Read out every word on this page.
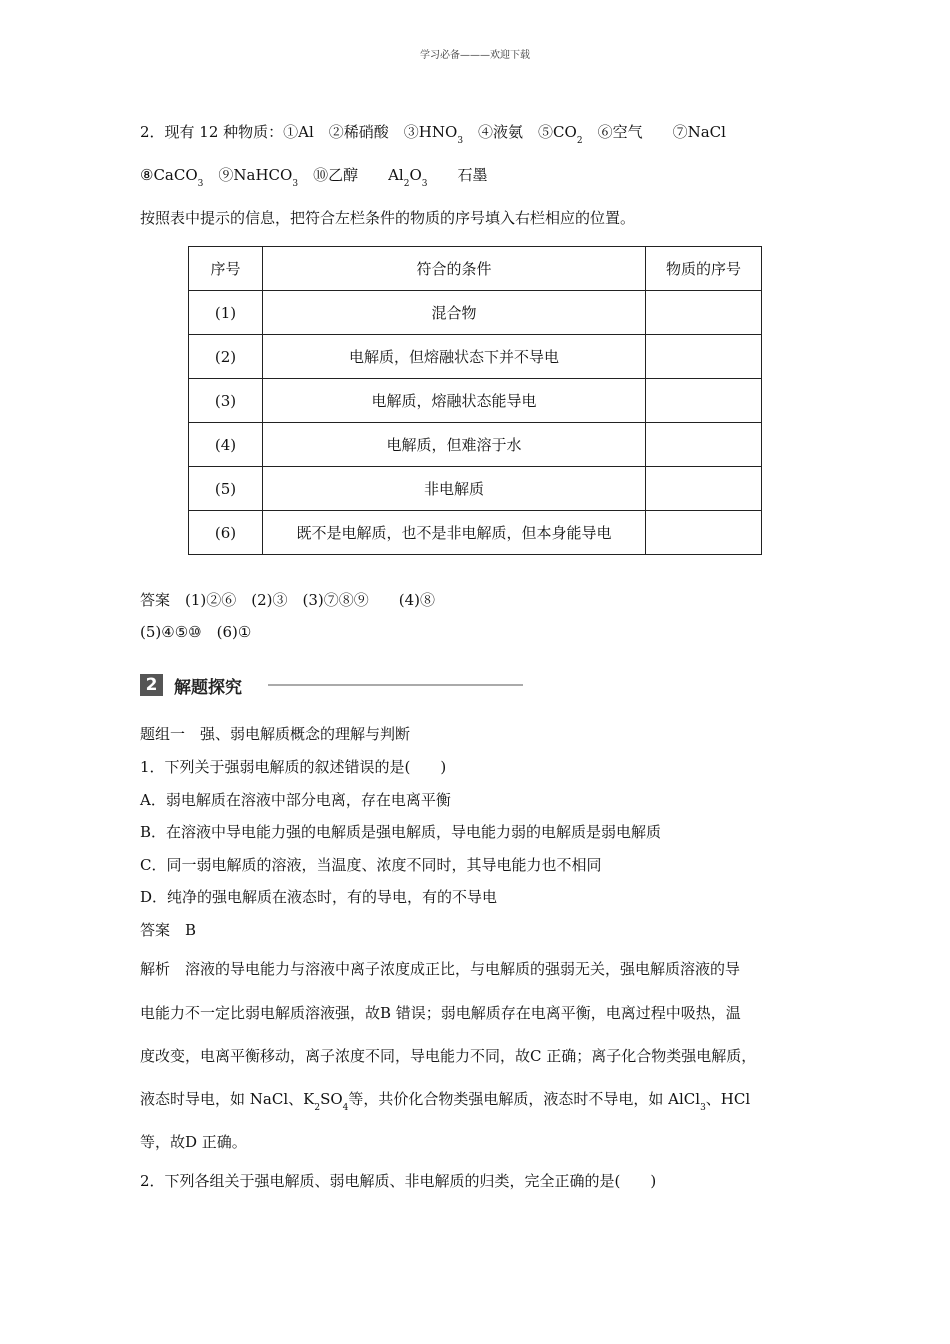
学习必备———欢迎下载
2．现有 12 种物质：①Al　②稀硝酸　$③HNO_3$　④液氨　$⑤CO_2$　⑥空气　　⑦NaCl
⑧CaCO$_3$　⑨NaHCO$_3$　⑩乙醇　　$Al_2O_3$　　石墨
按照表中提示的信息，把符合左栏条件的物质的序号填入右栏相应的位置。
序号	符合的条件	物质的序号
(1)	混合物	
(2)	电解质，但熔融状态下并不导电	
(3)	电解质，熔融状态能导电	
(4)	电解质，但难溶于水	
(5)	非电解质	
(6)	既不是电解质，也不是非电解质，但本身能导电	
答案　(1)②⑥　(2)③　(3)⑦⑧⑨　　(4)⑧
(5)④⑤⑩　(6)①
2 解题探究
题组一　强、弱电解质概念的理解与判断
1．下列关于强弱电解质的叙述错误的是(　　)
A．弱电解质在溶液中部分电离，存在电离平衡
B．在溶液中导电能力强的电解质是强电解质，导电能力弱的电解质是弱电解质
C．同一弱电解质的溶液，当温度、浓度不同时，其导电能力也不相同
D．纯净的强电解质在液态时，有的导电，有的不导电
答案　B
解析　溶液的导电能力与溶液中离子浓度成正比，与电解质的强弱无关，强电解质溶液的导
电能力不一定比弱电解质溶液强，故B 错误；弱电解质存在电离平衡，电离过程中吸热，温
度改变，电离平衡移动，离子浓度不同，导电能力不同，故C 正确；离子化合物类强电解质，
液态时导电，如 NaCl、$K_2SO_4$等，共价化合物类强电解质，液态时不导电，如 AlCl$_3$、HCl
等，故D 正确。
2．下列各组关于强电解质、弱电解质、非电解质的归类，完全正确的是(　　)
